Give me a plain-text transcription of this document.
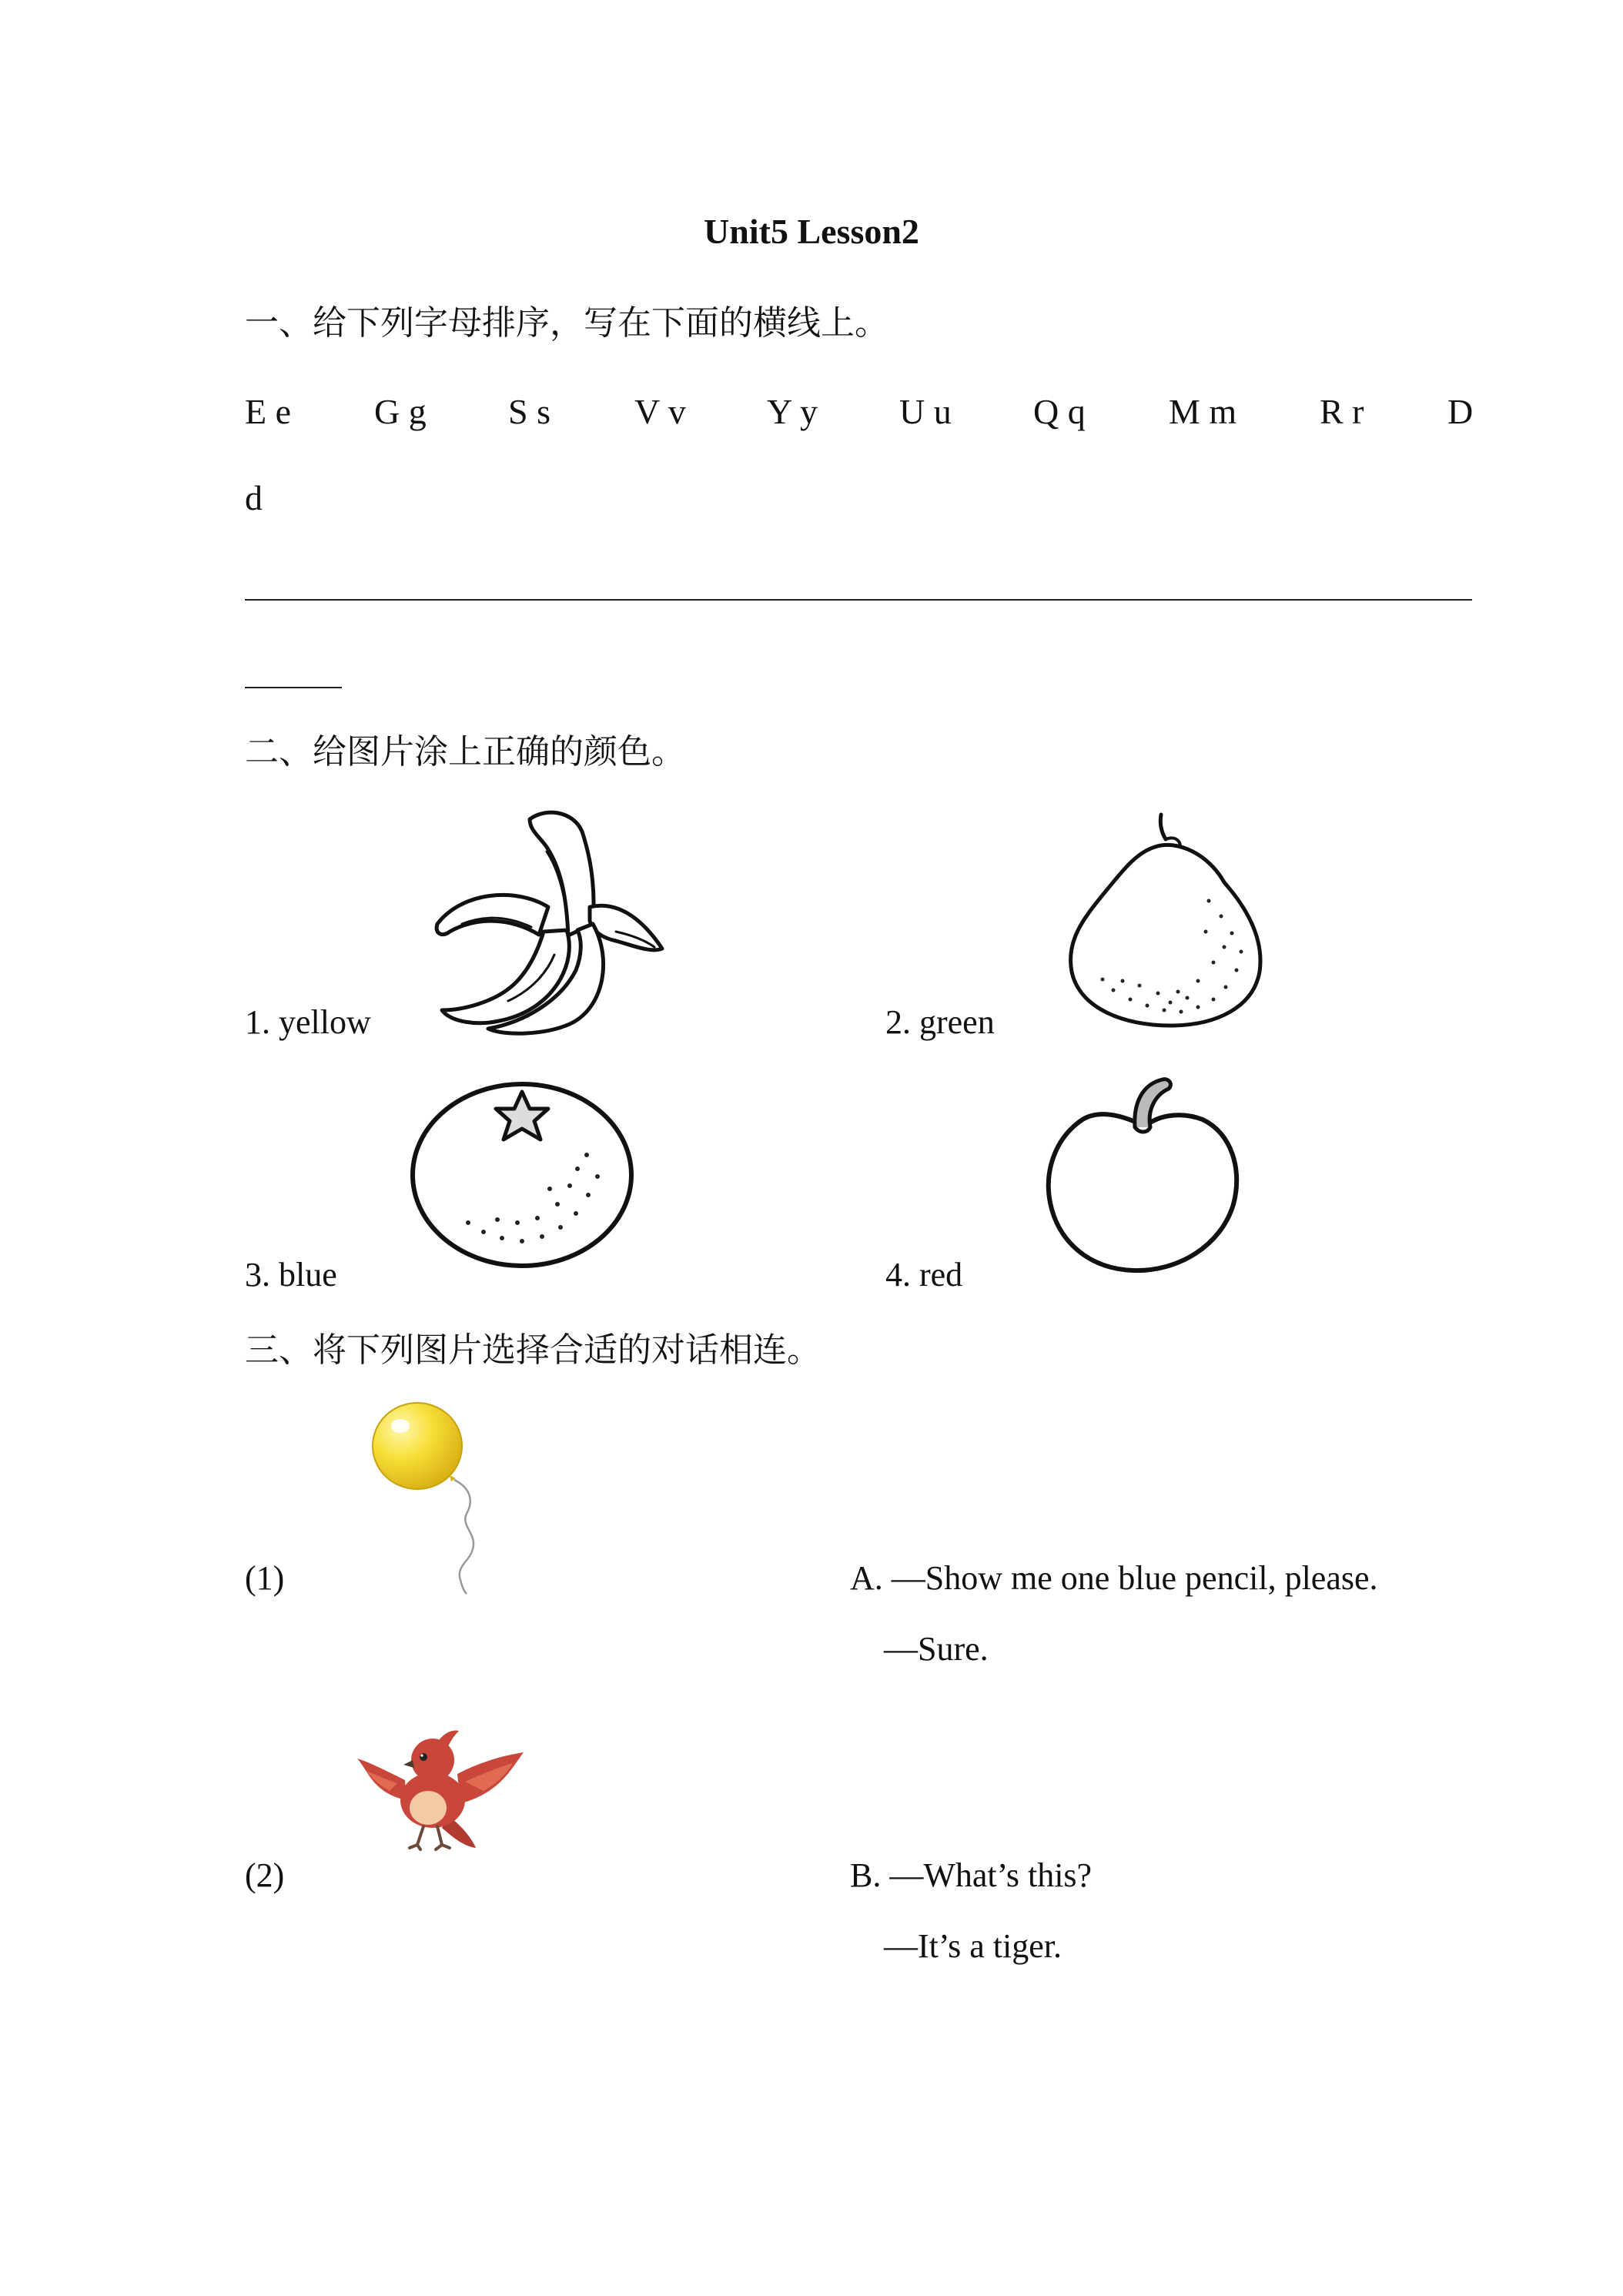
Unit5 Lesson2
一、给下列字母排序，写在下面的横线上。
E e G g S s V v Y y U u Q q M m R r D
d
二、给图片涂上正确的颜色。
1. yellow	2. green
3. blue	4. red
三、将下列图片选择合适的对话相连。
(1)
(2)
A. —Show me one blue pencil, please.
—Sure.
B. —What’s this?
—It’s a tiger.
